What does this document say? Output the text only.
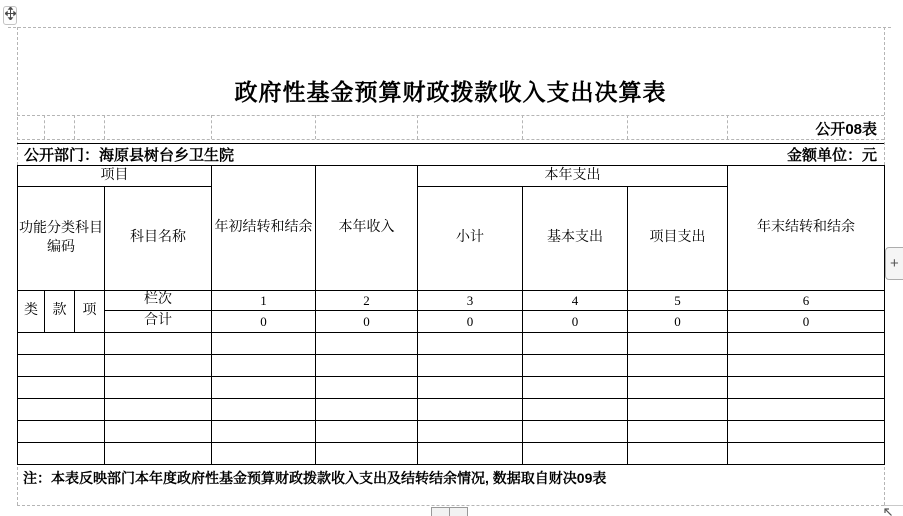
政府性基金预算财政拨款收入支出决算表
公开08表
公开部门：海原县树台乡卫生院	金额单位：元
项目				年初结转和结余	本年收入	本年支出			年末结转和结余
功能分类科目编码			科目名称			小计	基本支出	项目支出	
类	款	项	栏次	1	2	3	4	5	6
			合计	0	0	0	0	0	0

注：本表反映部门本年度政府性基金预算财政拨款收入支出及结转结余情况, 数据取自财决09表
+
